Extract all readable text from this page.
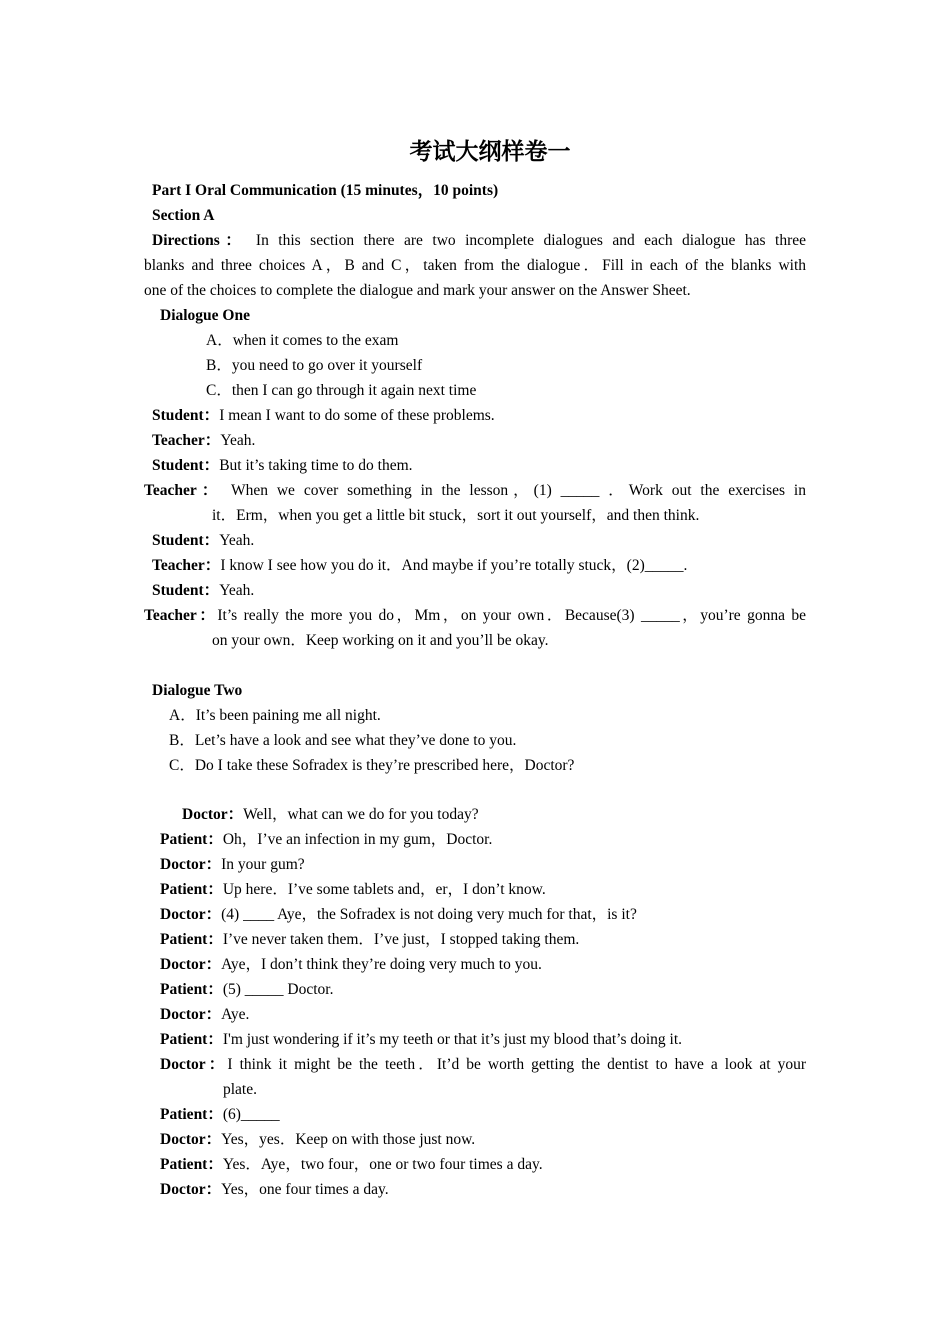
考试大纲样卷一
Part I Oral Communication (15 minutes，10 points)
Section A
Directions： In this section there are two incomplete dialogues and each dialogue has three
blanks and three choices A，B and C，taken from the dialogue．Fill in each of the blanks with
one of the choices to complete the dialogue and mark your answer on the Answer Sheet.
Dialogue One
A．when it comes to the exam
B．you need to go over it yourself
C．then I can go through it again next time
Student：I mean I want to do some of these problems.
Teacher：Yeah.
Student：But it’s taking time to do them.
Teacher： When we cover something in the lesson，(1) _____ ．Work out the exercises in
it．Erm，when you get a little bit stuck，sort it out yourself，and then think.
Student：Yeah.
Teacher：I know I see how you do it．And maybe if you’re totally stuck，(2)_____.
Student：Yeah.
Teacher：It’s really the more you do，Mm，on your own．Because(3) _____，you’re gonna be
on your own．Keep working on it and you’ll be okay.
Dialogue Two
A．It’s been paining me all night.
B．Let’s have a look and see what they’ve done to you.
C．Do I take these Sofradex is they’re prescribed here，Doctor?
Doctor：Well，what can we do for you today?
Patient：Oh，I’ve an infection in my gum，Doctor.
Doctor：In your gum?
Patient：Up here．I’ve some tablets and，er，I don’t know.
Doctor：(4) ____ Aye，the Sofradex is not doing very much for that，is it?
Patient：I’ve never taken them．I’ve just，I stopped taking them.
Doctor：Aye，I don’t think they’re doing very much to you.
Patient：(5) _____ Doctor.
Doctor：Aye.
Patient：I'm just wondering if it’s my teeth or that it’s just my blood that’s doing it.
Doctor：I think it might be the teeth．It’d be worth getting the dentist to have a look at your
plate.
Patient：(6)_____
Doctor：Yes，yes．Keep on with those just now.
Patient：Yes．Aye，two four，one or two four times a day.
Doctor：Yes，one four times a day.
